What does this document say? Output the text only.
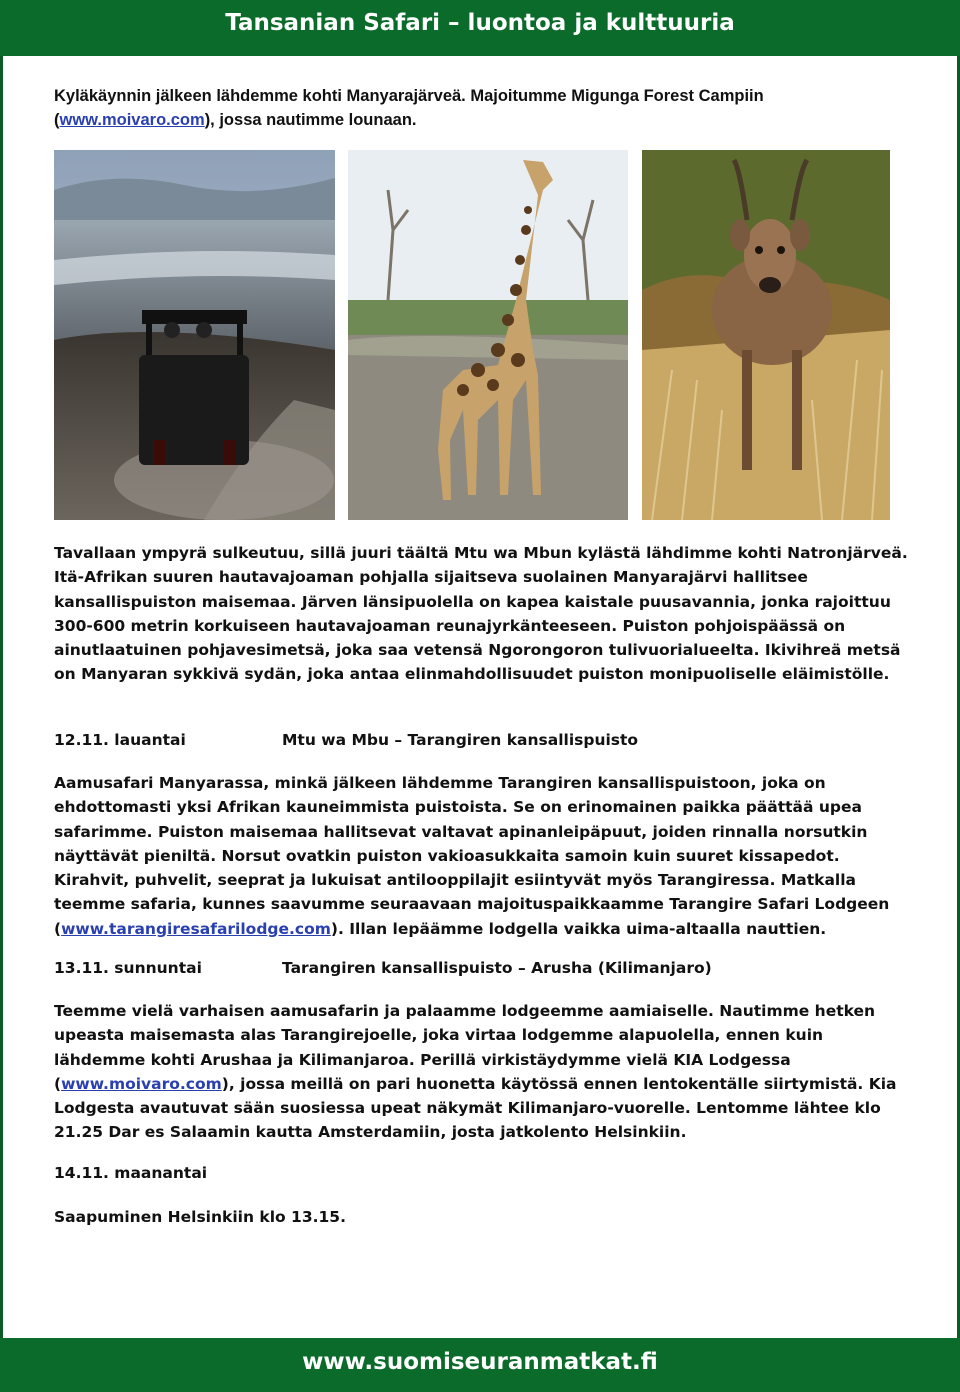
Tansanian Safari – luontoa ja kulttuuria
Kyläkäynnin jälkeen lähdemme kohti Manyarajärveä. Majoitumme Migunga Forest Campiin (www.moivaro.com), jossa nautimme lounaan.
Tavallaan ympyrä sulkeutuu, sillä juuri täältä Mtu wa Mbun kylästä lähdimme kohti Natronjärveä. Itä-Afrikan suuren hautavajoaman pohjalla sijaitseva suolainen Manyarajärvi hallitsee kansallispuiston maisemaa. Järven länsipuolella on kapea kaistale puusavannia, jonka rajoittuu 300-600 metrin korkuiseen hautavajoaman reunajyrkänteeseen. Puiston pohjoispäässä on ainutlaatuinen pohjavesimetsä, joka saa vetensä Ngorongoron tulivuorialueelta. Ikivihreä metsä on Manyaran sykkivä sydän, joka antaa elinmahdollisuudet puiston monipuoliselle eläimistölle.
12.11. lauantai	Mtu wa Mbu – Tarangiren kansallispuisto
Aamusafari Manyarassa, minkä jälkeen lähdemme Tarangiren kansallispuistoon, joka on ehdottomasti yksi Afrikan kauneimmista puistoista. Se on erinomainen paikka päättää upea safarimme. Puiston maisemaa hallitsevat valtavat apinanleipäpuut, joiden rinnalla norsutkin näyttävät pieniltä. Norsut ovatkin puiston vakioasukkaita samoin kuin suuret kissapedot. Kirahvit, puhvelit, seeprat ja lukuisat antilooppilajit esiintyvät myös Tarangiressa. Matkalla teemme safaria, kunnes saavumme seuraavaan majoituspaikkaamme Tarangire Safari Lodgeen (www.tarangiresafarilodge.com). Illan lepäämme lodgella vaikka uima-altaalla nauttien.
13.11. sunnuntai	Tarangiren kansallispuisto – Arusha (Kilimanjaro)
Teemme vielä varhaisen aamusafarin ja palaamme lodgeemme aamiaiselle. Nautimme hetken upeasta maisemasta alas Tarangirejoelle, joka virtaa lodgemme alapuolella, ennen kuin lähdemme kohti Arushaa ja Kilimanjaroa. Perillä virkistäydymme vielä KIA Lodgessa (www.moivaro.com), jossa meillä on pari huonetta käytössä ennen lentokentälle siirtymistä. Kia Lodgesta avautuvat sään suosiessa upeat näkymät Kilimanjaro-vuorelle. Lentomme lähtee klo 21.25 Dar es Salaamin kautta Amsterdamiin, josta jatkolento Helsinkiin.
14.11. maanantai
Saapuminen Helsinkiin klo 13.15.
www.suomiseuranmatkat.fi
